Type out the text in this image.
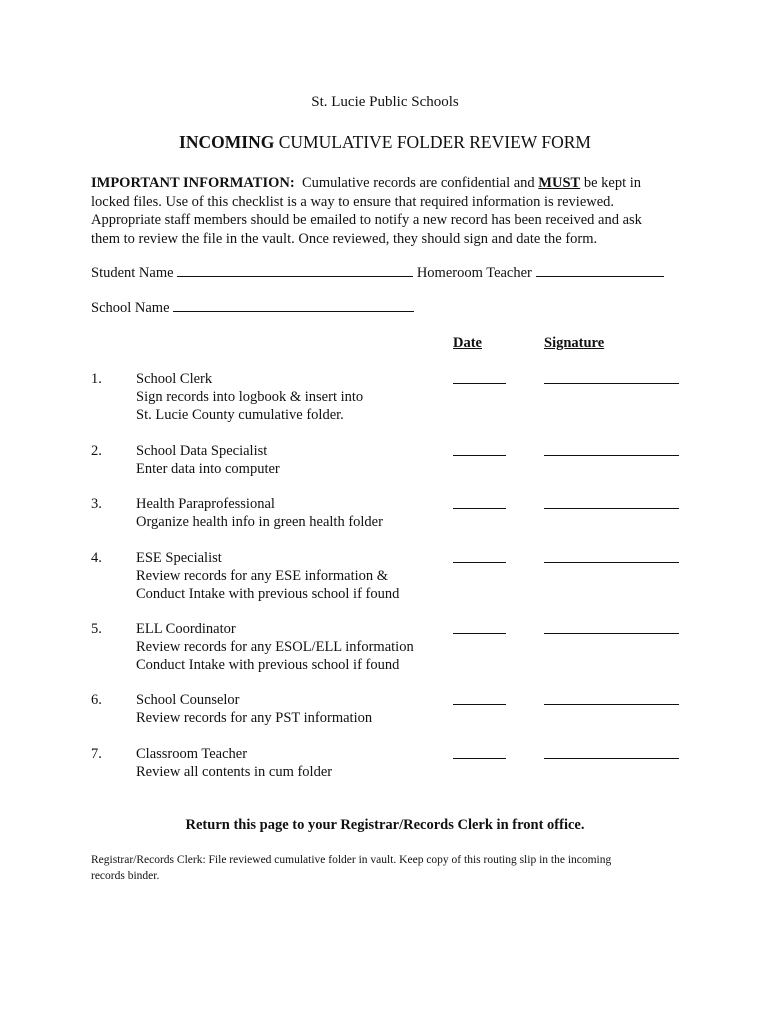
St. Lucie Public Schools
INCOMING CUMULATIVE FOLDER REVIEW FORM
IMPORTANT INFORMATION:  Cumulative records are confidential and MUST be kept in
locked files. Use of this checklist is a way to ensure that required information is reviewed.
Appropriate staff members should be emailed to notify a new record has been received and ask
them to review the file in the vault. Once reviewed, they should sign and date the form.
Student Name	Homeroom Teacher
School Name
Date	Signature
1. School Clerk
Sign records into logbook & insert into
St. Lucie County cumulative folder.
2. School Data Specialist
Enter data into computer
3. Health Paraprofessional
Organize health info in green health folder
4. ESE Specialist
Review records for any ESE information &
Conduct Intake with previous school if found
5. ELL Coordinator
Review records for any ESOL/ELL information
Conduct Intake with previous school if found
6. School Counselor
Review records for any PST information
7. Classroom Teacher
Review all contents in cum folder
Return this page to your Registrar/Records Clerk in front office.
Registrar/Records Clerk: File reviewed cumulative folder in vault. Keep copy of this routing slip in the incoming
records binder.
